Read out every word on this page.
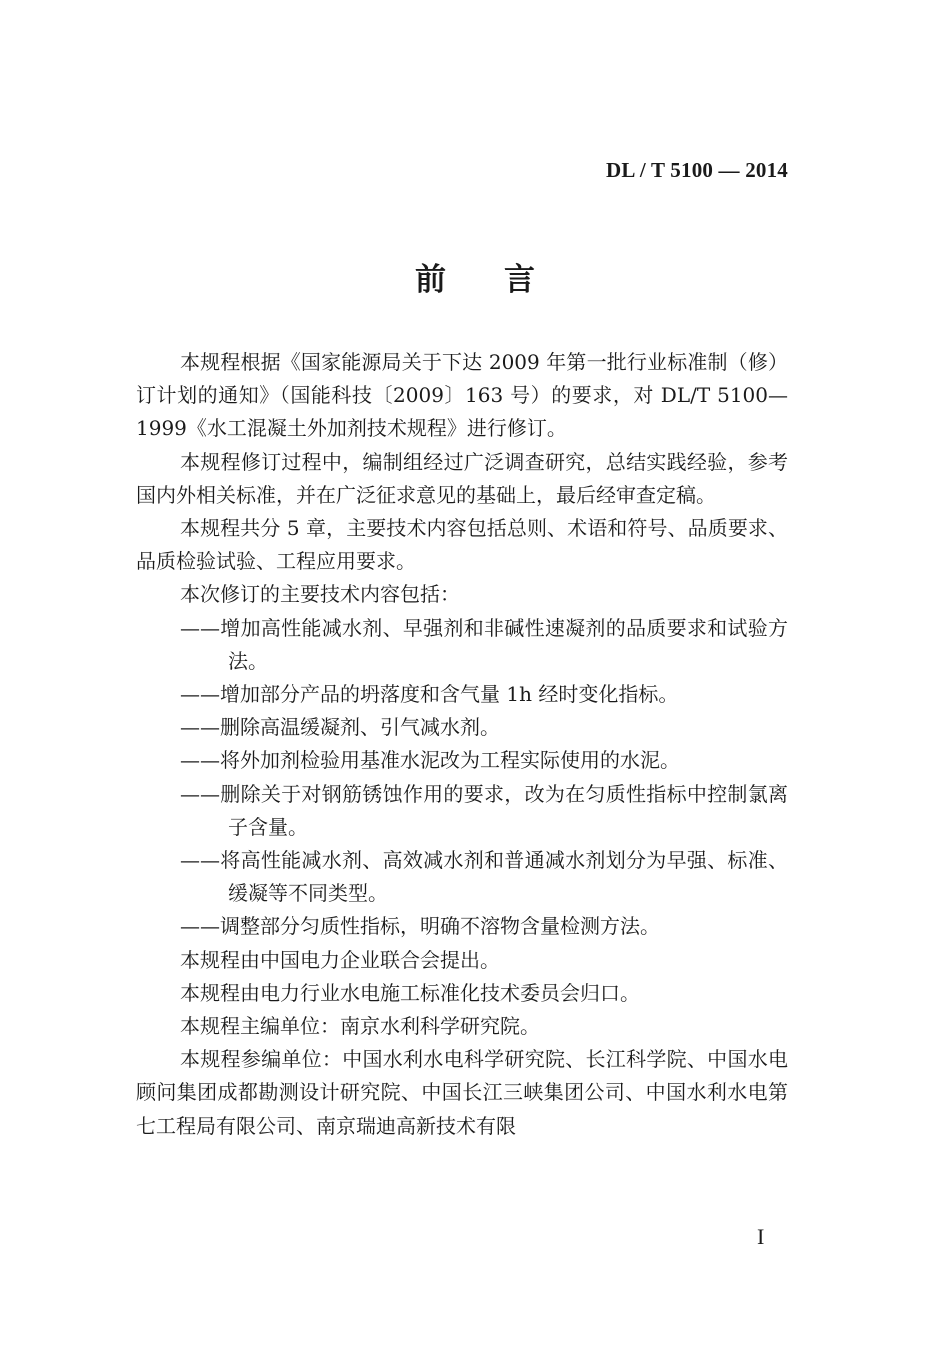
DL / T 5100 — 2014
前言

本规程根据《国家能源局关于下达 2009 年第一批行业标准制（修）订计划的通知》（国能科技〔2009〕163 号）的要求，对 DL/T 5100—1999《水工混凝土外加剂技术规程》进行修订。

本规程修订过程中，编制组经过广泛调查研究，总结实践经验，参考国内外相关标准，并在广泛征求意见的基础上，最后经审查定稿。

本规程共分 5 章，主要技术内容包括总则、术语和符号、品质要求、品质检验试验、工程应用要求。

本次修订的主要技术内容包括：

——增加高性能减水剂、早强剂和非碱性速凝剂的品质要求和试验方法。

——增加部分产品的坍落度和含气量 1h 经时变化指标。

——删除高温缓凝剂、引气减水剂。

——将外加剂检验用基准水泥改为工程实际使用的水泥。

——删除关于对钢筋锈蚀作用的要求，改为在匀质性指标中控制氯离子含量。

——将高性能减水剂、高效减水剂和普通减水剂划分为早强、标准、缓凝等不同类型。

——调整部分匀质性指标，明确不溶物含量检测方法。

本规程由中国电力企业联合会提出。

本规程由电力行业水电施工标准化技术委员会归口。

本规程主编单位：南京水利科学研究院。

本规程参编单位：中国水利水电科学研究院、长江科学院、中国水电顾问集团成都勘测设计研究院、中国长江三峡集团公司、中国水利水电第七工程局有限公司、南京瑞迪高新技术有限

I
